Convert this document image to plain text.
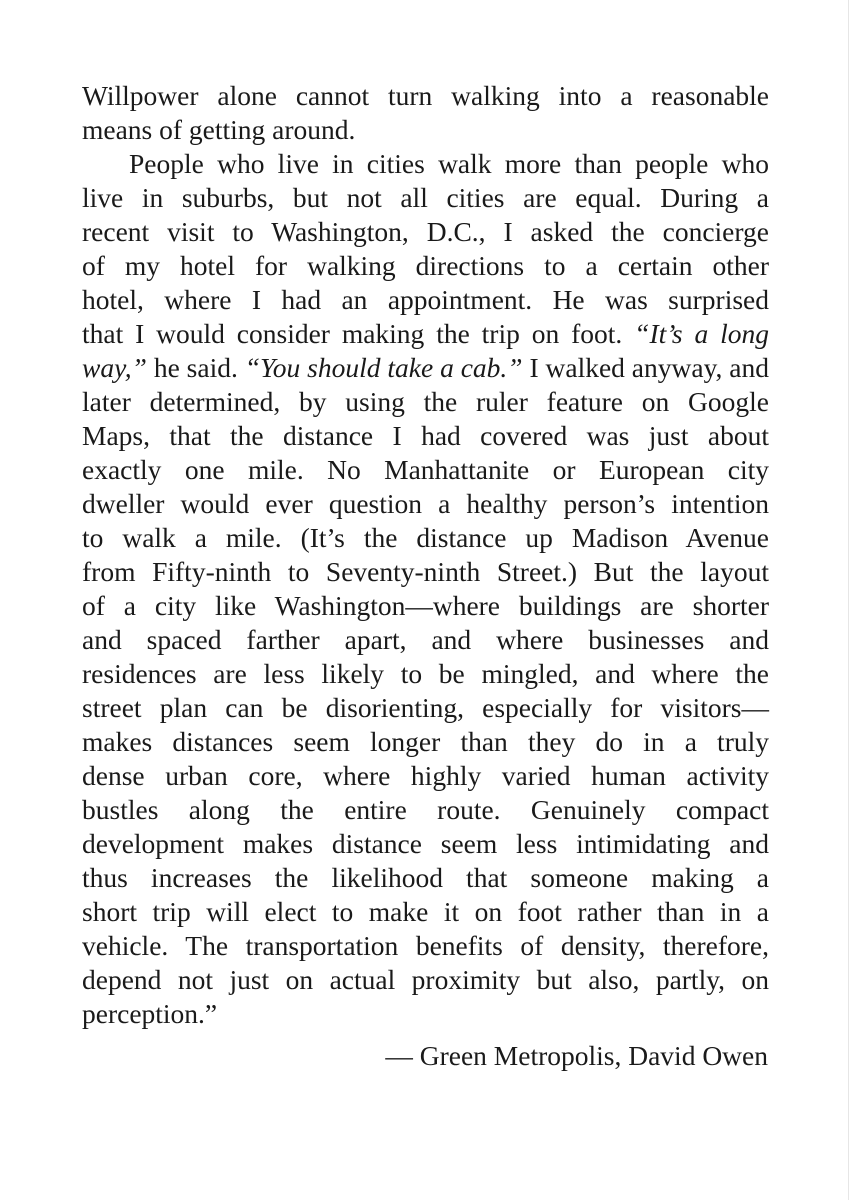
Willpower alone cannot turn walking into a reasonable
means of getting around.
People who live in cities walk more than people who
live in suburbs, but not all cities are equal. During a
recent visit to Washington, D.C., I asked the concierge
of my hotel for walking directions to a certain other
hotel, where I had an appointment. He was surprised
that I would consider making the trip on foot. “It’s a long
way,” he said. “You should take a cab.” I walked anyway, and
later determined, by using the ruler feature on Google
Maps, that the distance I had covered was just about
exactly one mile. No Manhattanite or European city
dweller would ever question a healthy person’s intention
to walk a mile. (It’s the distance up Madison Avenue
from Fifty-ninth to Seventy-ninth Street.) But the layout
of a city like Washington—where buildings are shorter
and spaced farther apart, and where businesses and
residences are less likely to be mingled, and where the
street plan can be disorienting, especially for visitors—
makes distances seem longer than they do in a truly
dense urban core, where highly varied human activity
bustles along the entire route. Genuinely compact
development makes distance seem less intimidating and
thus increases the likelihood that someone making a
short trip will elect to make it on foot rather than in a
vehicle. The transportation benefits of density, therefore,
depend not just on actual proximity but also, partly, on
perception.”
— Green Metropolis, David Owen
